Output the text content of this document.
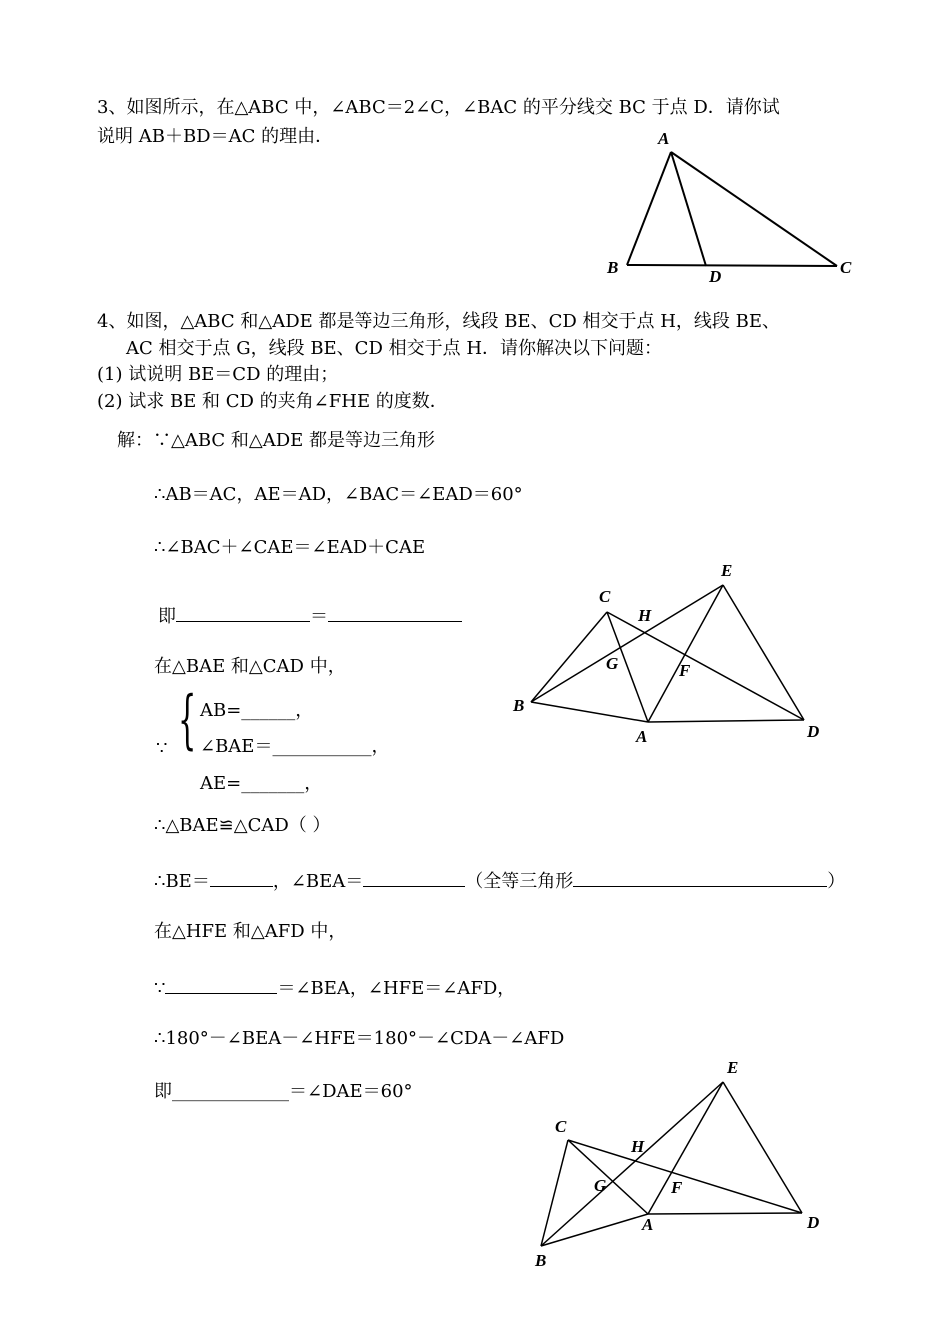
3、如图所示，在△ABC 中，∠ABC＝2∠C，∠BAC 的平分线交 BC 于点 D．请你试
说明 AB＋BD＝AC 的理由．	A
B	C
D
4、如图，△ABC 和△ADE 都是等边三角形，线段 BE、CD 相交于点 H，线段 BE、
AC 相交于点 G，线段 BE、CD 相交于点 H．请你解决以下问题：
(1) 试说明 BE＝CD 的理由；
(2) 试求 BE 和 CD 的夹角∠FHE 的度数．
解：∵△ABC 和△ADE 都是等边三角形
∴AB＝AC，AE＝AD，∠BAC＝∠EAD＝60°
∴∠BAC＋∠CAE＝∠EAD＋CAE
即	＝
在△BAE 和△CAD 中，
∵ { AB=______，
∠BAE＝___________，
AE=_______，
∴△BAE≌△CAD（ ）
∴BE＝	，∠BEA＝	（全等三角形	）
在△HFE 和△AFD 中，
∵	＝∠BEA，∠HFE＝∠AFD，
∴180°－∠BEA－∠HFE＝180°－∠CDA－∠AFD
即_____________＝∠DAE＝60°
E
C
H
G	F
B
A	D
E
C
H
G	F
B
A	D
